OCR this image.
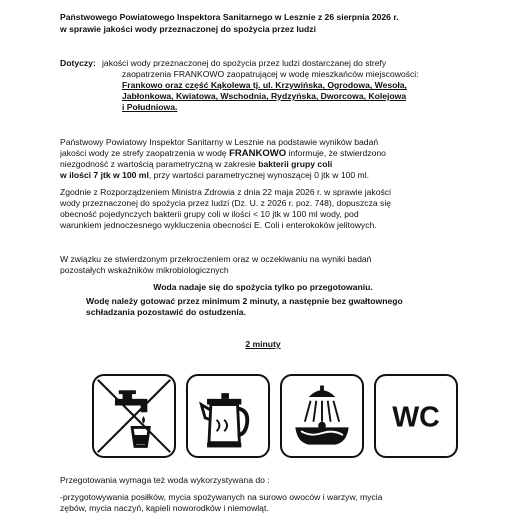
Państwowego Powiatowego Inspektora Sanitarnego w Lesznie z 26 sierpnia 2026 r.
w sprawie jakości wody przeznaczonej do spożycia przez ludzi
Dotyczy: jakości wody przeznaczonej do spożycia przez ludzi dostarczanej do strefy
zaopatrzenia FRANKOWO zaopatrującej w wodę mieszkańców miejscowości:
Frankowo oraz część Kąkolewa tj. ul. Krzywińska, Ogrodowa, Wesoła,
Jabłonkowa, Kwiatowa, Wschodnia, Rydzyńska, Dworcowa, Kolejowa
i Południowa.
Państwowy Powiatowy Inspektor Sanitarny w Lesznie na podstawie wyników badań
jakości wody ze strefy zaopatrzenia w wodę FRANKOWO informuje, że stwierdzono
niezgodność z wartością parametryczną w zakresie bakterii grupy coli
w ilości 7 jtk w 100 ml, przy wartości parametrycznej wynoszącej 0 jtk w 100 ml.
Zgodnie z Rozporządzeniem Ministra Zdrowia z dnia 22 maja 2026 r. w sprawie jakości
wody przeznaczonej do spożycia przez ludzi (Dz. U. z 2026 r. poz. 748), dopuszcza się
obecność pojedynczych bakterii grupy coli w ilości < 10 jtk w 100 ml wody, pod
warunkiem jednoczesnego wykluczenia obecności E. Coli i enterokoków jelitowych.
W związku ze stwierdzonym przekroczeniem oraz w oczekiwaniu na wyniki badań
pozostałych wskaźników mikrobiologicznych
Woda nadaje się do spożycia tylko po przegotowaniu.
Wodę należy gotować przez minimum 2 minuty, a następnie bez gwałtownego
schładzania pozostawić do ostudzenia.
2 minuty
WC
Przegotowania wymaga też woda wykorzystywana do :
-przygotowywania posiłków, mycia spożywanych na surowo owoców i warzyw, mycia
zębów, mycia naczyń, kąpieli noworodków i niemowląt.
